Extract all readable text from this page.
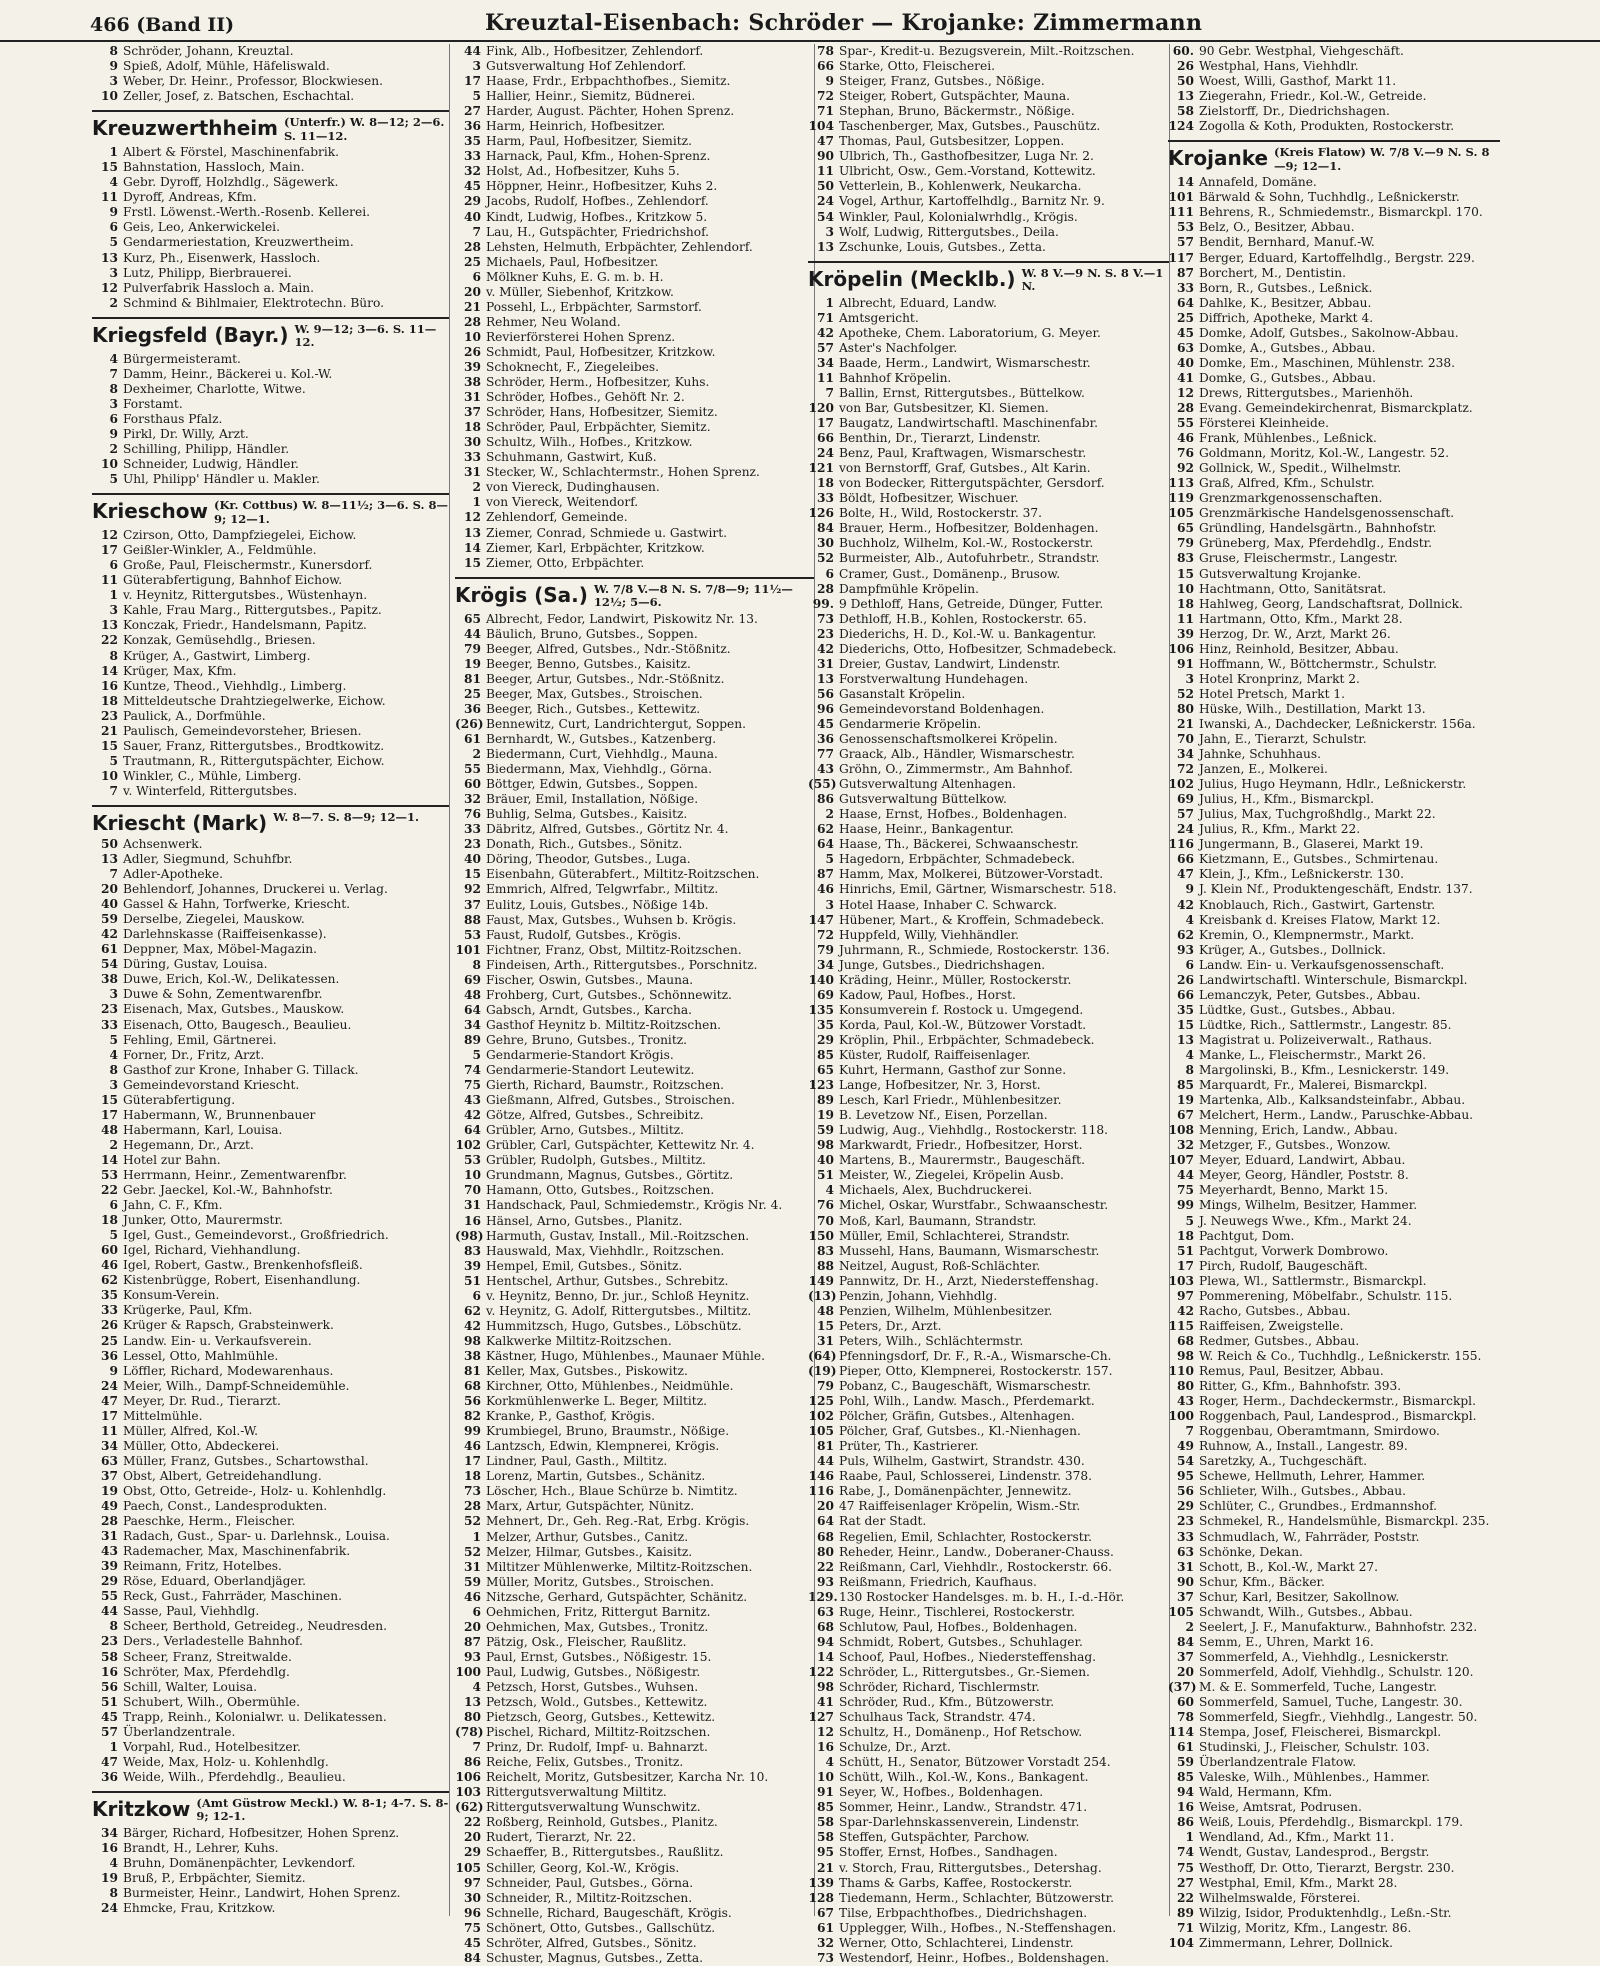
466 (Band II)	Kreuztal-Eisenbach: Schröder — Krojanke: Zimmermann
8 Schröder, Johann, Kreuztal.
9 Spieß, Adolf, Mühle, Häfeliswald.
3 Weber, Dr. Heinr., Professor, Blockwiesen.
10 Zeller, Josef, z. Batschen, Eschachtal.
Kreuzwerthheim (Unterfr.) W. 8—12; 2—6. S. 11—12.
1 Albert & Förstel, Maschinenfabrik.
15 Bahnstation, Hassloch, Main.
4 Gebr. Dyroff, Holzhdlg., Sägewerk.
11 Dyroff, Andreas, Kfm.
9 Frstl. Löwenst.-Werth.-Rosenb. Kellerei.
6 Geis, Leo, Ankerwickelei.
5 Gendarmeriestation, Kreuzwertheim.
13 Kurz, Ph., Eisenwerk, Hassloch.
3 Lutz, Philipp, Bierbrauerei.
12 Pulverfabrik Hassloch a. Main.
2 Schmind & Bihlmaier, Elektrotechn. Büro.
Kriegsfeld (Bayr.) W. 9—12; 3—6. S. 11—12.
4 Bürgermeisteramt.
7 Damm, Heinr., Bäckerei u. Kol.-W.
8 Dexheimer, Charlotte, Witwe.
3 Forstamt.
6 Forsthaus Pfalz.
9 Pirkl, Dr. Willy, Arzt.
2 Schilling, Philipp, Händler.
10 Schneider, Ludwig, Händler.
5 Uhl, Philipp' Händler u. Makler.
Krieschow (Kr. Cottbus) W. 8—11½; 3—6. S. 8—9; 12—1.
12 Czirson, Otto, Dampfziegelei, Eichow.
17 Geißler-Winkler, A., Feldmühle.
6 Große, Paul, Fleischermstr., Kunersdorf.
11 Güterabfertigung, Bahnhof Eichow.
1 v. Heynitz, Rittergutsbes., Wüstenhayn.
3 Kahle, Frau Marg., Rittergutsbes., Papitz.
13 Konczak, Friedr., Handelsmann, Papitz.
22 Konzak, Gemüsehdlg., Briesen.
8 Krüger, A., Gastwirt, Limberg.
14 Krüger, Max, Kfm.
16 Kuntze, Theod., Viehhdlg., Limberg.
18 Mitteldeutsche Drahtziegelwerke, Eichow.
23 Paulick, A., Dorfmühle.
21 Paulisch, Gemeindevorsteher, Briesen.
15 Sauer, Franz, Rittergutsbes., Brodtkowitz.
5 Trautmann, R., Rittergutspächter, Eichow.
10 Winkler, C., Mühle, Limberg.
7 v. Winterfeld, Rittergutsbes.
Kriescht (Mark) W. 8—7. S. 8—9; 12—1.
50 Achsenwerk.
13 Adler, Siegmund, Schuhfbr.
7 Adler-Apotheke.
20 Behlendorf, Johannes, Druckerei u. Verlag.
40 Gassel & Hahn, Torfwerke, Kriescht.
59 Derselbe, Ziegelei, Mauskow.
42 Darlehnskasse (Raiffeisenkasse).
61 Deppner, Max, Möbel-Magazin.
54 Düring, Gustav, Louisa.
38 Duwe, Erich, Kol.-W., Delikatessen.
3 Duwe & Sohn, Zementwarenfbr.
23 Eisenach, Max, Gutsbes., Mauskow.
33 Eisenach, Otto, Baugesch., Beaulieu.
5 Fehling, Emil, Gärtnerei.
4 Forner, Dr., Fritz, Arzt.
8 Gasthof zur Krone, Inhaber G. Tillack.
3 Gemeindevorstand Kriescht.
15 Güterabfertigung.
17 Habermann, W., Brunnenbauer
48 Habermann, Karl, Louisa.
2 Hegemann, Dr., Arzt.
14 Hotel zur Bahn.
53 Herrmann, Heinr., Zementwarenfbr.
22 Gebr. Jaeckel, Kol.-W., Bahnhofstr.
6 Jahn, C. F., Kfm.
18 Junker, Otto, Maurermstr.
5 Igel, Gust., Gemeindevorst., Großfriedrich.
60 Igel, Richard, Viehhandlung.
46 Igel, Robert, Gastw., Brenkenhofsfleiß.
62 Kistenbrügge, Robert, Eisenhandlung.
35 Konsum-Verein.
33 Krügerke, Paul, Kfm.
26 Krüger & Rapsch, Grabsteinwerk.
25 Landw. Ein- u. Verkaufsverein.
36 Lessel, Otto, Mahlmühle.
9 Löffler, Richard, Modewarenhaus.
24 Meier, Wilh., Dampf-Schneidemühle.
47 Meyer, Dr. Rud., Tierarzt.
17 Mittelmühle.
11 Müller, Alfred, Kol.-W.
34 Müller, Otto, Abdeckerei.
63 Müller, Franz, Gutsbes., Schartowsthal.
37 Obst, Albert, Getreidehandlung.
19 Obst, Otto, Getreide-, Holz- u. Kohlenhdlg.
49 Paech, Const., Landesprodukten.
28 Paeschke, Herm., Fleischer.
31 Radach, Gust., Spar- u. Darlehnsk., Louisa.
43 Rademacher, Max, Maschinenfabrik.
39 Reimann, Fritz, Hotelbes.
29 Röse, Eduard, Oberlandjäger.
55 Reck, Gust., Fahrräder, Maschinen.
44 Sasse, Paul, Viehhdlg.
8 Scheer, Berthold, Getreideg., Neudresden.
23 Ders., Verladestelle Bahnhof.
58 Scheer, Franz, Streitwalde.
16 Schröter, Max, Pferdehdlg.
56 Schill, Walter, Louisa.
51 Schubert, Wilh., Obermühle.
45 Trapp, Reinh., Kolonialwr. u. Delikatessen.
57 Überlandzentrale.
1 Vorpahl, Rud., Hotelbesitzer.
47 Weide, Max, Holz- u. Kohlenhdlg.
36 Weide, Wilh., Pferdehdlg., Beaulieu.
Kritzkow (Amt Güstrow Meckl.) W. 8-1; 4-7. S. 8-9; 12-1.
34 Bärger, Richard, Hofbesitzer, Hohen Sprenz.
16 Brandt, H., Lehrer, Kuhs.
4 Bruhn, Domänenpächter, Levkendorf.
19 Bruß, P., Erbpächter, Siemitz.
8 Burmeister, Heinr., Landwirt, Hohen Sprenz.
24 Ehmcke, Frau, Kritzkow.
44 Fink, Alb., Hofbesitzer, Zehlendorf.
3 Gutsverwaltung Hof Zehlendorf.
17 Haase, Frdr., Erbpachthofbes., Siemitz.
5 Hallier, Heinr., Siemitz, Büdnerei.
27 Harder, August. Pächter, Hohen Sprenz.
36 Harm, Heinrich, Hofbesitzer.
35 Harm, Paul, Hofbesitzer, Siemitz.
33 Harnack, Paul, Kfm., Hohen-Sprenz.
32 Holst, Ad., Hofbesitzer, Kuhs 5.
45 Höppner, Heinr., Hofbesitzer, Kuhs 2.
29 Jacobs, Rudolf, Hofbes., Zehlendorf.
40 Kindt, Ludwig, Hofbes., Kritzkow 5.
7 Lau, H., Gutspächter, Friedrichshof.
28 Lehsten, Helmuth, Erbpächter, Zehlendorf.
25 Michaels, Paul, Hofbesitzer.
6 Mölkner Kuhs, E. G. m. b. H.
20 v. Müller, Siebenhof, Kritzkow.
21 Possehl, L., Erbpächter, Sarmstorf.
28 Rehmer, Neu Woland.
10 Revierförsterei Hohen Sprenz.
26 Schmidt, Paul, Hofbesitzer, Kritzkow.
39 Schoknecht, F., Ziegeleibes.
38 Schröder, Herm., Hofbesitzer, Kuhs.
31 Schröder, Hofbes., Gehöft Nr. 2.
37 Schröder, Hans, Hofbesitzer, Siemitz.
18 Schröder, Paul, Erbpächter, Siemitz.
30 Schultz, Wilh., Hofbes., Kritzkow.
33 Schuhmann, Gastwirt, Kuß.
31 Stecker, W., Schlachtermstr., Hohen Sprenz.
2 von Viereck, Dudinghausen.
1 von Viereck, Weitendorf.
12 Zehlendorf, Gemeinde.
13 Ziemer, Conrad, Schmiede u. Gastwirt.
14 Ziemer, Karl, Erbpächter, Kritzkow.
15 Ziemer, Otto, Erbpächter.
Krögis (Sa.) W. 7/8 V.—8 N. S. 7/8—9; 11½—12½; 5—6.
65 Albrecht, Fedor, Landwirt, Piskowitz Nr. 13.
44 Bäulich, Bruno, Gutsbes., Soppen.
79 Beeger, Alfred, Gutsbes., Ndr.-Stößnitz.
19 Beeger, Benno, Gutsbes., Kaisitz.
81 Beeger, Artur, Gutsbes., Ndr.-Stößnitz.
25 Beeger, Max, Gutsbes., Stroischen.
36 Beeger, Rich., Gutsbes., Kettewitz.
(26) Bennewitz, Curt, Landrichtergut, Soppen.
61 Bernhardt, W., Gutsbes., Katzenberg.
2 Biedermann, Curt, Viehhdlg., Mauna.
55 Biedermann, Max, Viehhdlg., Görna.
60 Böttger, Edwin, Gutsbes., Soppen.
32 Bräuer, Emil, Installation, Nößige.
76 Buhlig, Selma, Gutsbes., Kaisitz.
33 Däbritz, Alfred, Gutsbes., Görtitz Nr. 4.
23 Donath, Rich., Gutsbes., Sönitz.
40 Döring, Theodor, Gutsbes., Luga.
15 Eisenbahn, Güterabfert., Miltitz-Roitzschen.
92 Emmrich, Alfred, Telgwrfabr., Miltitz.
37 Eulitz, Louis, Gutsbes., Nößige 14b.
88 Faust, Max, Gutsbes., Wuhsen b. Krögis.
53 Faust, Rudolf, Gutsbes., Krögis.
101 Fichtner, Franz, Obst, Miltitz-Roitzschen.
8 Findeisen, Arth., Rittergutsbes., Porschnitz.
69 Fischer, Oswin, Gutsbes., Mauna.
48 Frohberg, Curt, Gutsbes., Schönnewitz.
64 Gabsch, Arndt, Gutsbes., Karcha.
34 Gasthof Heynitz b. Miltitz-Roitzschen.
89 Gehre, Bruno, Gutsbes., Tronitz.
5 Gendarmerie-Standort Krögis.
74 Gendarmerie-Standort Leutewitz.
75 Gierth, Richard, Baumstr., Roitzschen.
43 Gießmann, Alfred, Gutsbes., Stroischen.
42 Götze, Alfred, Gutsbes., Schreibitz.
64 Grübler, Arno, Gutsbes., Miltitz.
102 Grübler, Carl, Gutspächter, Kettewitz Nr. 4.
53 Grübler, Rudolph, Gutsbes., Miltitz.
10 Grundmann, Magnus, Gutsbes., Görtitz.
70 Hamann, Otto, Gutsbes., Roitzschen.
31 Handschack, Paul, Schmiedemstr., Krögis Nr. 4.
16 Hänsel, Arno, Gutsbes., Planitz.
(98) Harmuth, Gustav, Install., Mil.-Roitzschen.
83 Hauswald, Max, Viehhdlr., Roitzschen.
39 Hempel, Emil, Gutsbes., Sönitz.
51 Hentschel, Arthur, Gutsbes., Schrebitz.
6 v. Heynitz, Benno, Dr. jur., Schloß Heynitz.
62 v. Heynitz, G. Adolf, Rittergutsbes., Miltitz.
42 Hummitzsch, Hugo, Gutsbes., Löbschütz.
98 Kalkwerke Miltitz-Roitzschen.
38 Kästner, Hugo, Mühlenbes., Maunaer Mühle.
81 Keller, Max, Gutsbes., Piskowitz.
68 Kirchner, Otto, Mühlenbes., Neidmühle.
56 Korkmühlenwerke L. Beger, Miltitz.
82 Kranke, P., Gasthof, Krögis.
99 Krumbiegel, Bruno, Braumstr., Nößige.
46 Lantzsch, Edwin, Klempnerei, Krögis.
17 Lindner, Paul, Gasth., Miltitz.
18 Lorenz, Martin, Gutsbes., Schänitz.
73 Löscher, Hch., Blaue Schürze b. Nimtitz.
28 Marx, Artur, Gutspächter, Nünitz.
52 Mehnert, Dr., Geh. Reg.-Rat, Erbg. Krögis.
1 Melzer, Arthur, Gutsbes., Canitz.
52 Melzer, Hilmar, Gutsbes., Kaisitz.
31 Miltitzer Mühlenwerke, Miltitz-Roitzschen.
59 Müller, Moritz, Gutsbes., Stroischen.
46 Nitzsche, Gerhard, Gutspächter, Schänitz.
6 Oehmichen, Fritz, Rittergut Barnitz.
20 Oehmichen, Max, Gutsbes., Tronitz.
87 Pätzig, Osk., Fleischer, Raußlitz.
93 Paul, Ernst, Gutsbes., Nößigestr. 15.
100 Paul, Ludwig, Gutsbes., Nößigestr.
4 Petzsch, Horst, Gutsbes., Wuhsen.
13 Petzsch, Wold., Gutsbes., Kettewitz.
80 Pietzsch, Georg, Gutsbes., Kettewitz.
(78) Pischel, Richard, Miltitz-Roitzschen.
7 Prinz, Dr. Rudolf, Impf- u. Bahnarzt.
86 Reiche, Felix, Gutsbes., Tronitz.
106 Reichelt, Moritz, Gutsbesitzer, Karcha Nr. 10.
103 Rittergutsverwaltung Miltitz.
(62) Rittergutsverwaltung Wunschwitz.
22 Roßberg, Reinhold, Gutsbes., Planitz.
20 Rudert, Tierarzt, Nr. 22.
29 Schaeffer, B., Rittergutsbes., Raußlitz.
105 Schiller, Georg, Kol.-W., Krögis.
97 Schneider, Paul, Gutsbes., Görna.
30 Schneider, R., Miltitz-Roitzschen.
96 Schnelle, Richard, Baugeschäft, Krögis.
75 Schönert, Otto, Gutsbes., Gallschütz.
45 Schröter, Alfred, Gutsbes., Sönitz.
84 Schuster, Magnus, Gutsbes., Zetta.
78 Spar-, Kredit-u. Bezugsverein, Milt.-Roitzschen.
66 Starke, Otto, Fleischerei.
9 Steiger, Franz, Gutsbes., Nößige.
72 Steiger, Robert, Gutspächter, Mauna.
71 Stephan, Bruno, Bäckermstr., Nößige.
104 Taschenberger, Max, Gutsbes., Pauschütz.
47 Thomas, Paul, Gutsbesitzer, Loppen.
90 Ulbrich, Th., Gasthofbesitzer, Luga Nr. 2.
11 Ulbricht, Osw., Gem.-Vorstand, Kottewitz.
50 Vetterlein, B., Kohlenwerk, Neukarcha.
24 Vogel, Arthur, Kartoffelhdlg., Barnitz Nr. 9.
54 Winkler, Paul, Kolonialwrhdlg., Krögis.
3 Wolf, Ludwig, Rittergutsbes., Deila.
13 Zschunke, Louis, Gutsbes., Zetta.
Kröpelin (Mecklb.) W. 8 V.—9 N. S. 8 V.—1 N.
1 Albrecht, Eduard, Landw.
71 Amtsgericht.
42 Apotheke, Chem. Laboratorium, G. Meyer.
57 Aster's Nachfolger.
34 Baade, Herm., Landwirt, Wismarschestr.
11 Bahnhof Kröpelin.
7 Ballin, Ernst, Rittergutsbes., Büttelkow.
120 von Bar, Gutsbesitzer, Kl. Siemen.
17 Baugatz, Landwirtschaftl. Maschinenfabr.
66 Benthin, Dr., Tierarzt, Lindenstr.
24 Benz, Paul, Kraftwagen, Wismarschestr.
121 von Bernstorff, Graf, Gutsbes., Alt Karin.
18 von Bodecker, Rittergutspächter, Gersdorf.
33 Böldt, Hofbesitzer, Wischuer.
126 Bolte, H., Wild, Rostockerstr. 37.
84 Brauer, Herm., Hofbesitzer, Boldenhagen.
30 Buchholz, Wilhelm, Kol.-W., Rostockerstr.
52 Burmeister, Alb., Autofuhrbetr., Strandstr.
6 Cramer, Gust., Domänenp., Brusow.
28 Dampfmühle Kröpelin.
99. 9 Dethloff, Hans, Getreide, Dünger, Futter.
73 Dethloff, H.B., Kohlen, Rostockerstr. 65.
23 Diederichs, H. D., Kol.-W. u. Bankagentur.
42 Diederichs, Otto, Hofbesitzer, Schmadebeck.
31 Dreier, Gustav, Landwirt, Lindenstr.
13 Forstverwaltung Hundehagen.
56 Gasanstalt Kröpelin.
96 Gemeindevorstand Boldenhagen.
45 Gendarmerie Kröpelin.
36 Genossenschaftsmolkerei Kröpelin.
77 Graack, Alb., Händler, Wismarschestr.
43 Gröhn, O., Zimmermstr., Am Bahnhof.
(55) Gutsverwaltung Altenhagen.
86 Gutsverwaltung Büttelkow.
2 Haase, Ernst, Hofbes., Boldenhagen.
62 Haase, Heinr., Bankagentur.
64 Haase, Th., Bäckerei, Schwaanschestr.
5 Hagedorn, Erbpächter, Schmadebeck.
87 Hamm, Max, Molkerei, Bützower-Vorstadt.
46 Hinrichs, Emil, Gärtner, Wismarschestr. 518.
3 Hotel Haase, Inhaber C. Schwarck.
147 Hübener, Mart., & Kroffein, Schmadebeck.
72 Huppfeld, Willy, Viehhändler.
79 Juhrmann, R., Schmiede, Rostockerstr. 136.
34 Junge, Gutsbes., Diedrichshagen.
140 Kräding, Heinr., Müller, Rostockerstr.
69 Kadow, Paul, Hofbes., Horst.
135 Konsumverein f. Rostock u. Umgegend.
35 Korda, Paul, Kol.-W., Bützower Vorstadt.
29 Kröplin, Phil., Erbpächter, Schmadebeck.
85 Küster, Rudolf, Raiffeisenlager.
65 Kuhrt, Hermann, Gasthof zur Sonne.
123 Lange, Hofbesitzer, Nr. 3, Horst.
89 Lesch, Karl Friedr., Mühlenbesitzer.
19 B. Levetzow Nf., Eisen, Porzellan.
59 Ludwig, Aug., Viehhdlg., Rostockerstr. 118.
98 Markwardt, Friedr., Hofbesitzer, Horst.
40 Martens, B., Maurermstr., Baugeschäft.
51 Meister, W., Ziegelei, Kröpelin Ausb.
4 Michaels, Alex, Buchdruckerei.
76 Michel, Oskar, Wurstfabr., Schwaanschestr.
70 Moß, Karl, Baumann, Strandstr.
150 Müller, Emil, Schlachterei, Strandstr.
83 Mussehl, Hans, Baumann, Wismarschestr.
88 Neitzel, August, Roß-Schlächter.
149 Pannwitz, Dr. H., Arzt, Niedersteffenshag.
(13) Penzin, Johann, Viehhdlg.
48 Penzien, Wilhelm, Mühlenbesitzer.
15 Peters, Dr., Arzt.
31 Peters, Wilh., Schlächtermstr.
(64) Pfenningsdorf, Dr. F., R.-A., Wismarsche-Ch.
(19) Pieper, Otto, Klempnerei, Rostockerstr. 157.
79 Pobanz, C., Baugeschäft, Wismarschestr.
125 Pohl, Wilh., Landw. Masch., Pferdemarkt.
102 Pölcher, Gräfin, Gutsbes., Altenhagen.
105 Pölcher, Graf, Gutsbes., Kl.-Nienhagen.
81 Prüter, Th., Kastrierer.
44 Puls, Wilhelm, Gastwirt, Strandstr. 430.
146 Raabe, Paul, Schlosserei, Lindenstr. 378.
116 Rabe, J., Domänenpächter, Jennewitz.
20 47 Raiffeisenlager Kröpelin, Wism.-Str.
64 Rat der Stadt.
68 Regelien, Emil, Schlachter, Rostockerstr.
80 Reheder, Heinr., Landw., Doberaner-Chauss.
22 Reißmann, Carl, Viehhdlr., Rostockerstr. 66.
93 Reißmann, Friedrich, Kaufhaus.
129. 130 Rostocker Handelsges. m. b. H., I.-d.-Hör.
63 Ruge, Heinr., Tischlerei, Rostockerstr.
68 Schlutow, Paul, Hofbes., Boldenhagen.
94 Schmidt, Robert, Gutsbes., Schuhlager.
14 Schoof, Paul, Hofbes., Niedersteffenshag.
122 Schröder, L., Rittergutsbes., Gr.-Siemen.
98 Schröder, Richard, Tischlermstr.
41 Schröder, Rud., Kfm., Bützowerstr.
127 Schulhaus Tack, Strandstr. 474.
12 Schultz, H., Domänenp., Hof Retschow.
16 Schulze, Dr., Arzt.
4 Schütt, H., Senator, Bützower Vorstadt 254.
10 Schütt, Wilh., Kol.-W., Kons., Bankagent.
91 Seyer, W., Hofbes., Boldenhagen.
85 Sommer, Heinr., Landw., Strandstr. 471.
58 Spar-Darlehnskassenverein, Lindenstr.
58 Steffen, Gutspächter, Parchow.
95 Stoffer, Ernst, Hofbes., Sandhagen.
21 v. Storch, Frau, Rittergutsbes., Detershag.
139 Thams & Garbs, Kaffee, Rostockerstr.
128 Tiedemann, Herm., Schlachter, Bützowerstr.
67 Tilse, Erbpachthofbes., Diedrichshagen.
61 Upplegger, Wilh., Hofbes., N.-Steffenshagen.
32 Werner, Otto, Schlachterei, Lindenstr.
73 Westendorf, Heinr., Hofbes., Boldenshagen.
60. 90 Gebr. Westphal, Viehgeschäft.
26 Westphal, Hans, Viehhdlr.
50 Woest, Willi, Gasthof, Markt 11.
13 Ziegerahn, Friedr., Kol.-W., Getreide.
58 Zielstorff, Dr., Diedrichshagen.
124 Zogolla & Koth, Produkten, Rostockerstr.
Krojanke (Kreis Flatow) W. 7/8 V.—9 N. S. 8—9; 12—1.
14 Annafeld, Domäne.
101 Bärwald & Sohn, Tuchhdlg., Leßnickerstr.
111 Behrens, R., Schmiedemstr., Bismarckpl. 170.
53 Belz, O., Besitzer, Abbau.
57 Bendit, Bernhard, Manuf.-W.
117 Berger, Eduard, Kartoffelhdlg., Bergstr. 229.
87 Borchert, M., Dentistin.
33 Born, R., Gutsbes., Leßnick.
64 Dahlke, K., Besitzer, Abbau.
25 Diffrich, Apotheke, Markt 4.
45 Domke, Adolf, Gutsbes., Sakolnow-Abbau.
63 Domke, A., Gutsbes., Abbau.
40 Domke, Em., Maschinen, Mühlenstr. 238.
41 Domke, G., Gutsbes., Abbau.
12 Drews, Rittergutsbes., Marienhöh.
28 Evang. Gemeindekirchenrat, Bismarckplatz.
55 Försterei Kleinheide.
46 Frank, Mühlenbes., Leßnick.
76 Goldmann, Moritz, Kol.-W., Langestr. 52.
92 Gollnick, W., Spedit., Wilhelmstr.
113 Graß, Alfred, Kfm., Schulstr.
119 Grenzmarkgenossenschaften.
105 Grenzmärkische Handelsgenossenschaft.
65 Gründling, Handelsgärtn., Bahnhofstr.
79 Grüneberg, Max, Pferdehdlg., Endstr.
83 Gruse, Fleischermstr., Langestr.
15 Gutsverwaltung Krojanke.
10 Hachtmann, Otto, Sanitätsrat.
18 Hahlweg, Georg, Landschaftsrat, Dollnick.
11 Hartmann, Otto, Kfm., Markt 28.
39 Herzog, Dr. W., Arzt, Markt 26.
106 Hinz, Reinhold, Besitzer, Abbau.
91 Hoffmann, W., Böttchermstr., Schulstr.
3 Hotel Kronprinz, Markt 2.
52 Hotel Pretsch, Markt 1.
80 Hüske, Wilh., Destillation, Markt 13.
21 Iwanski, A., Dachdecker, Leßnickerstr. 156a.
70 Jahn, E., Tierarzt, Schulstr.
34 Jahnke, Schuhhaus.
72 Janzen, E., Molkerei.
102 Julius, Hugo Heymann, Hdlr., Leßnickerstr.
69 Julius, H., Kfm., Bismarckpl.
57 Julius, Max, Tuchgroßhdlg., Markt 22.
24 Julius, R., Kfm., Markt 22.
116 Jungermann, B., Glaserei, Markt 19.
66 Kietzmann, E., Gutsbes., Schmirtenau.
47 Klein, J., Kfm., Leßnickerstr. 130.
9 J. Klein Nf., Produktengeschäft, Endstr. 137.
42 Knoblauch, Rich., Gastwirt, Gartenstr.
4 Kreisbank d. Kreises Flatow, Markt 12.
62 Kremin, O., Klempnermstr., Markt.
93 Krüger, A., Gutsbes., Dollnick.
6 Landw. Ein- u. Verkaufsgenossenschaft.
26 Landwirtschaftl. Winterschule, Bismarckpl.
66 Lemanczyk, Peter, Gutsbes., Abbau.
35 Lüdtke, Gust., Gutsbes., Abbau.
15 Lüdtke, Rich., Sattlermstr., Langestr. 85.
13 Magistrat u. Polizeiverwalt., Rathaus.
4 Manke, L., Fleischermstr., Markt 26.
8 Margolinski, B., Kfm., Lesnickerstr. 149.
85 Marquardt, Fr., Malerei, Bismarckpl.
19 Martenka, Alb., Kalksandsteinfabr., Abbau.
67 Melchert, Herm., Landw., Paruschke-Abbau.
108 Menning, Erich, Landw., Abbau.
32 Metzger, F., Gutsbes., Wonzow.
107 Meyer, Eduard, Landwirt, Abbau.
44 Meyer, Georg, Händler, Poststr. 8.
75 Meyerhardt, Benno, Markt 15.
99 Mings, Wilhelm, Besitzer, Hammer.
5 J. Neuwegs Wwe., Kfm., Markt 24.
18 Pachtgut, Dom.
51 Pachtgut, Vorwerk Dombrowo.
17 Pirch, Rudolf, Baugeschäft.
103 Plewa, Wl., Sattlermstr., Bismarckpl.
97 Pommerening, Möbelfabr., Schulstr. 115.
42 Racho, Gutsbes., Abbau.
115 Raiffeisen, Zweigstelle.
68 Redmer, Gutsbes., Abbau.
98 W. Reich & Co., Tuchhdlg., Leßnickerstr. 155.
110 Remus, Paul, Besitzer, Abbau.
80 Ritter, G., Kfm., Bahnhofstr. 393.
43 Roger, Herm., Dachdeckermstr., Bismarckpl.
100 Roggenbach, Paul, Landesprod., Bismarckpl.
7 Roggenbau, Oberamtmann, Smirdowo.
49 Ruhnow, A., Install., Langestr. 89.
54 Saretzky, A., Tuchgeschäft.
95 Schewe, Hellmuth, Lehrer, Hammer.
56 Schlieter, Wilh., Gutsbes., Abbau.
29 Schlüter, C., Grundbes., Erdmannshof.
23 Schmekel, R., Handelsmühle, Bismarckpl. 235.
33 Schmudlach, W., Fahrräder, Poststr.
63 Schönke, Dekan.
31 Schott, B., Kol.-W., Markt 27.
90 Schur, Kfm., Bäcker.
37 Schur, Karl, Besitzer, Sakollnow.
105 Schwandt, Wilh., Gutsbes., Abbau.
2 Seelert, J. F., Manufakturw., Bahnhofstr. 232.
84 Semm, E., Uhren, Markt 16.
37 Sommerfeld, A., Viehhdlg., Lesnickerstr.
20 Sommerfeld, Adolf, Viehhdlg., Schulstr. 120.
(37) M. & E. Sommerfeld, Tuche, Langestr.
60 Sommerfeld, Samuel, Tuche, Langestr. 30.
78 Sommerfeld, Siegfr., Viehhdlg., Langestr. 50.
114 Stempa, Josef, Fleischerei, Bismarckpl.
61 Studinski, J., Fleischer, Schulstr. 103.
59 Überlandzentrale Flatow.
85 Valeske, Wilh., Mühlenbes., Hammer.
94 Wald, Hermann, Kfm.
16 Weise, Amtsrat, Podrusen.
86 Weiß, Louis, Pferdehdlg., Bismarckpl. 179.
1 Wendland, Ad., Kfm., Markt 11.
74 Wendt, Gustav, Landesprod., Bergstr.
75 Westhoff, Dr. Otto, Tierarzt, Bergstr. 230.
27 Westphal, Emil, Kfm., Markt 28.
22 Wilhelmswalde, Försterei.
89 Wilzig, Isidor, Produktenhdlg., Leßn.-Str.
71 Wilzig, Moritz, Kfm., Langestr. 86.
104 Zimmermann, Lehrer, Dollnick.
